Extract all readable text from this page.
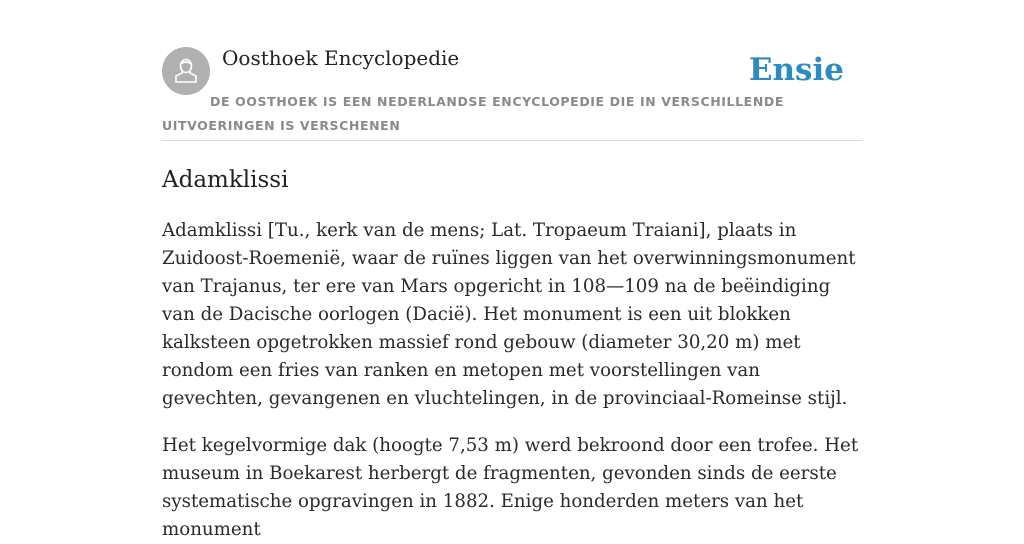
Oosthoek Encyclopedie	Ensie
DE OOSTHOEK IS EEN NEDERLANDSE ENCYCLOPEDIE DIE IN VERSCHILLENDE UITVOERINGEN IS VERSCHENEN
Adamklissi

Adamklissi [Tu., kerk van de mens; Lat. Tropaeum Traiani], plaats in Zuidoost-Roemenië, waar de ruïnes liggen van het overwinningsmonument van Trajanus, ter ere van Mars opgericht in 108—109 na de beëindiging van de Dacische oorlogen (Dacië). Het monument is een uit blokken kalksteen opgetrokken massief rond gebouw (diameter 30,20 m) met rondom een fries van ranken en metopen met voorstellingen van gevechten, gevangenen en vluchtelingen, in de provinciaal-Romeinse stijl.

Het kegelvormige dak (hoogte 7,53 m) werd bekroond door een trofee. Het museum in Boekarest herbergt de fragmenten, gevonden sinds de eerste systematische opgravingen in 1882. Enige honderden meters van het monument
